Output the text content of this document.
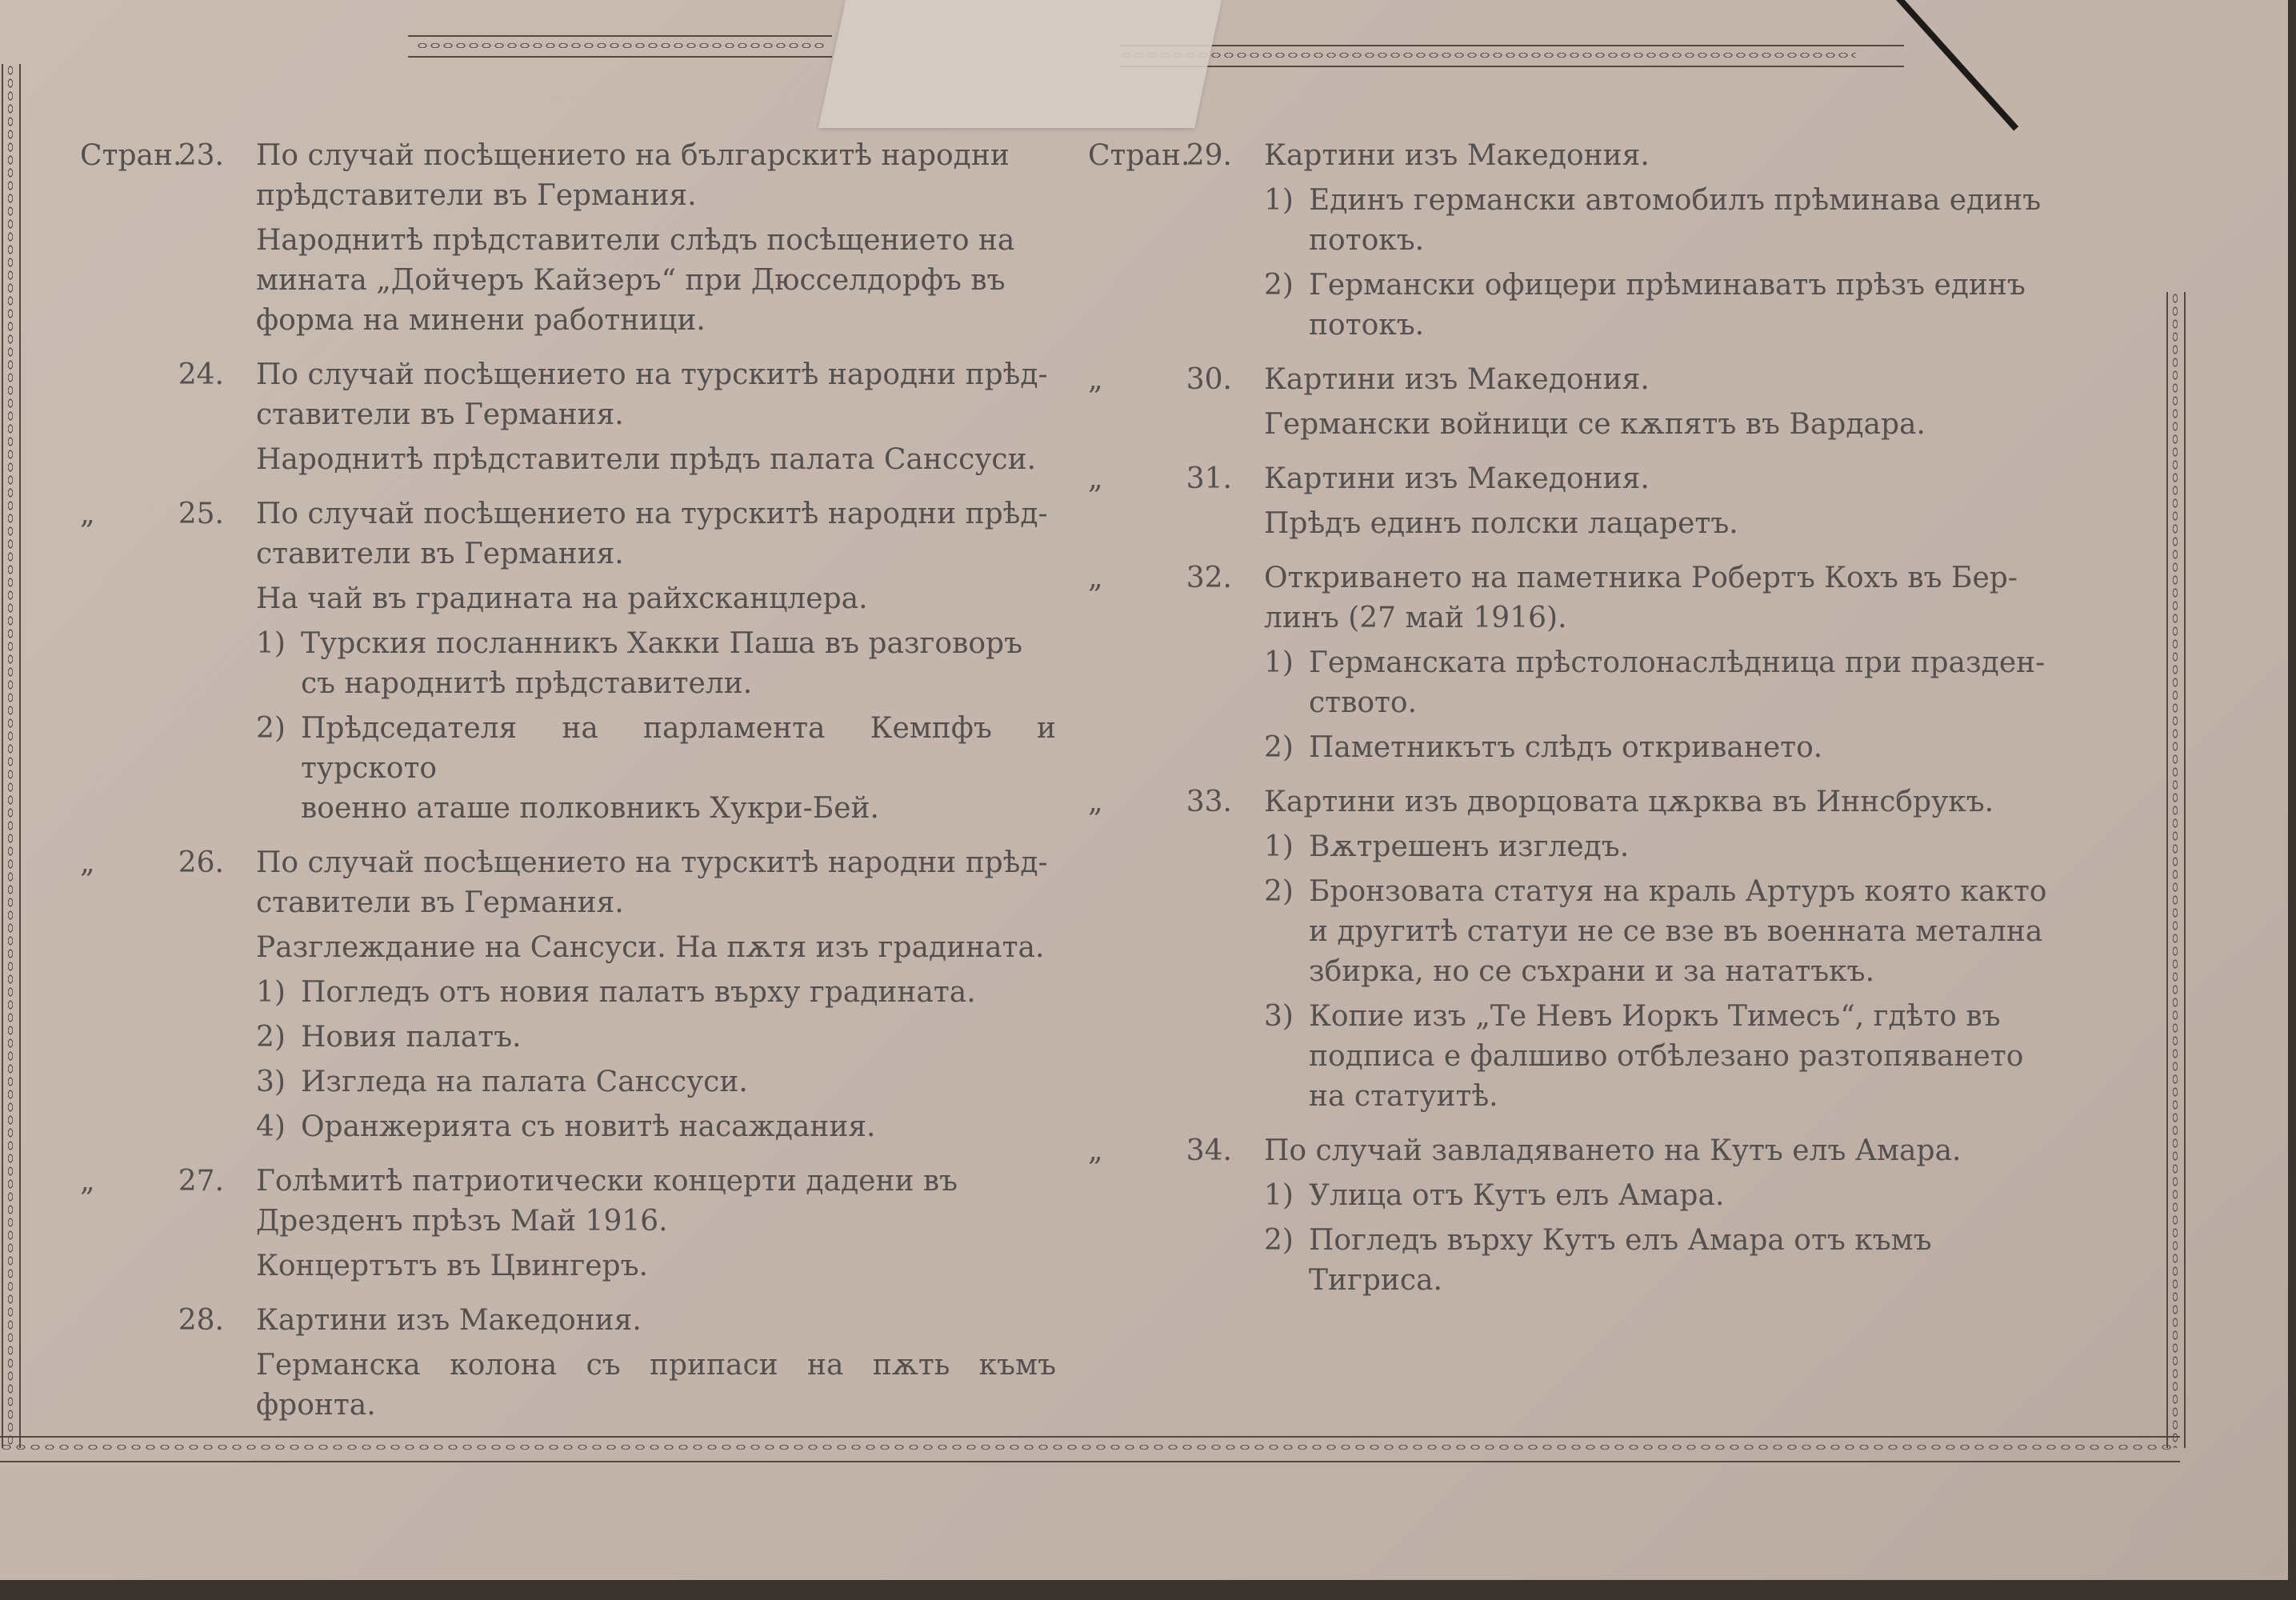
Стран.
23. По случай посѣщението на българскитѣ народни
прѣдставители въ Германия.
Народнитѣ прѣдставители слѣдъ посѣщението на
мината „Дойчеръ Кайзеръ“ при Дюсселдорфъ въ
форма на минени работници.
24. По случай посѣщението на турскитѣ народни прѣд-
ставители въ Германия.
Народнитѣ прѣдставители прѣдъ палата Санссуси.
„	25. По случай посѣщението на турскитѣ народни прѣд-
ставители въ Германия.
На чай въ градината на райхсканцлера.
1) Турския посланникъ Хакки Паша въ разговоръ
съ народнитѣ прѣдставители.
2) Прѣдседателя на парламента Кемпфъ и турското
военно аташе полковникъ Хукри-Бей.
„	26. По случай посѣщението на турскитѣ народни прѣд-
ставители въ Германия.
Разглеждание на Сансуси. На пѫтя изъ градината.
1) Погледъ отъ новия палатъ върху градината.
2) Новия палатъ.
3) Изгледа на палата Санссуси.
4) Оранжерията съ новитѣ насаждания.
„	27. Голѣмитѣ патриотически концерти дадени въ
Дрезденъ прѣзъ Май 1916.
Концертътъ въ Цвингеръ.
28. Картини изъ Македония.
Германска колона съ припаси на пѫть къмъ фронта.
Стран.
29. Картини изъ Македония.
1) Единъ германски автомобилъ прѣминава единъ
потокъ.
2) Германски офицери прѣминаватъ прѣзъ единъ
потокъ.
„	30. Картини изъ Македония.
Германски войници се кѫпятъ въ Вардара.
„	31. Картини изъ Македония.
Прѣдъ единъ полски лацаретъ.
„	32. Откриването на паметника Робертъ Кохъ въ Бер-
линъ (27 май 1916).
1) Германската прѣстолонаслѣдница при празден-
ството.
2) Паметникътъ слѣдъ откриването.
„	33. Картини изъ дворцовата цѫрква въ Иннсбрукъ.
1) Вѫтрешенъ изгледъ.
2) Бронзовата статуя на краль Артуръ която както
и другитѣ статуи не се взе въ военната метална
збирка, но се съхрани и за нататъкъ.
3) Копие изъ „Те Невъ Иоркъ Тимесъ“, гдѣто въ
подписа е фалшиво отбѣлезано разтопяването
на статуитѣ.
„	34. По случай завладяването на Кутъ елъ Амара.
1) Улица отъ Кутъ елъ Амара.
2) Погледъ върху Кутъ елъ Амара отъ къмъ
Тигриса.
